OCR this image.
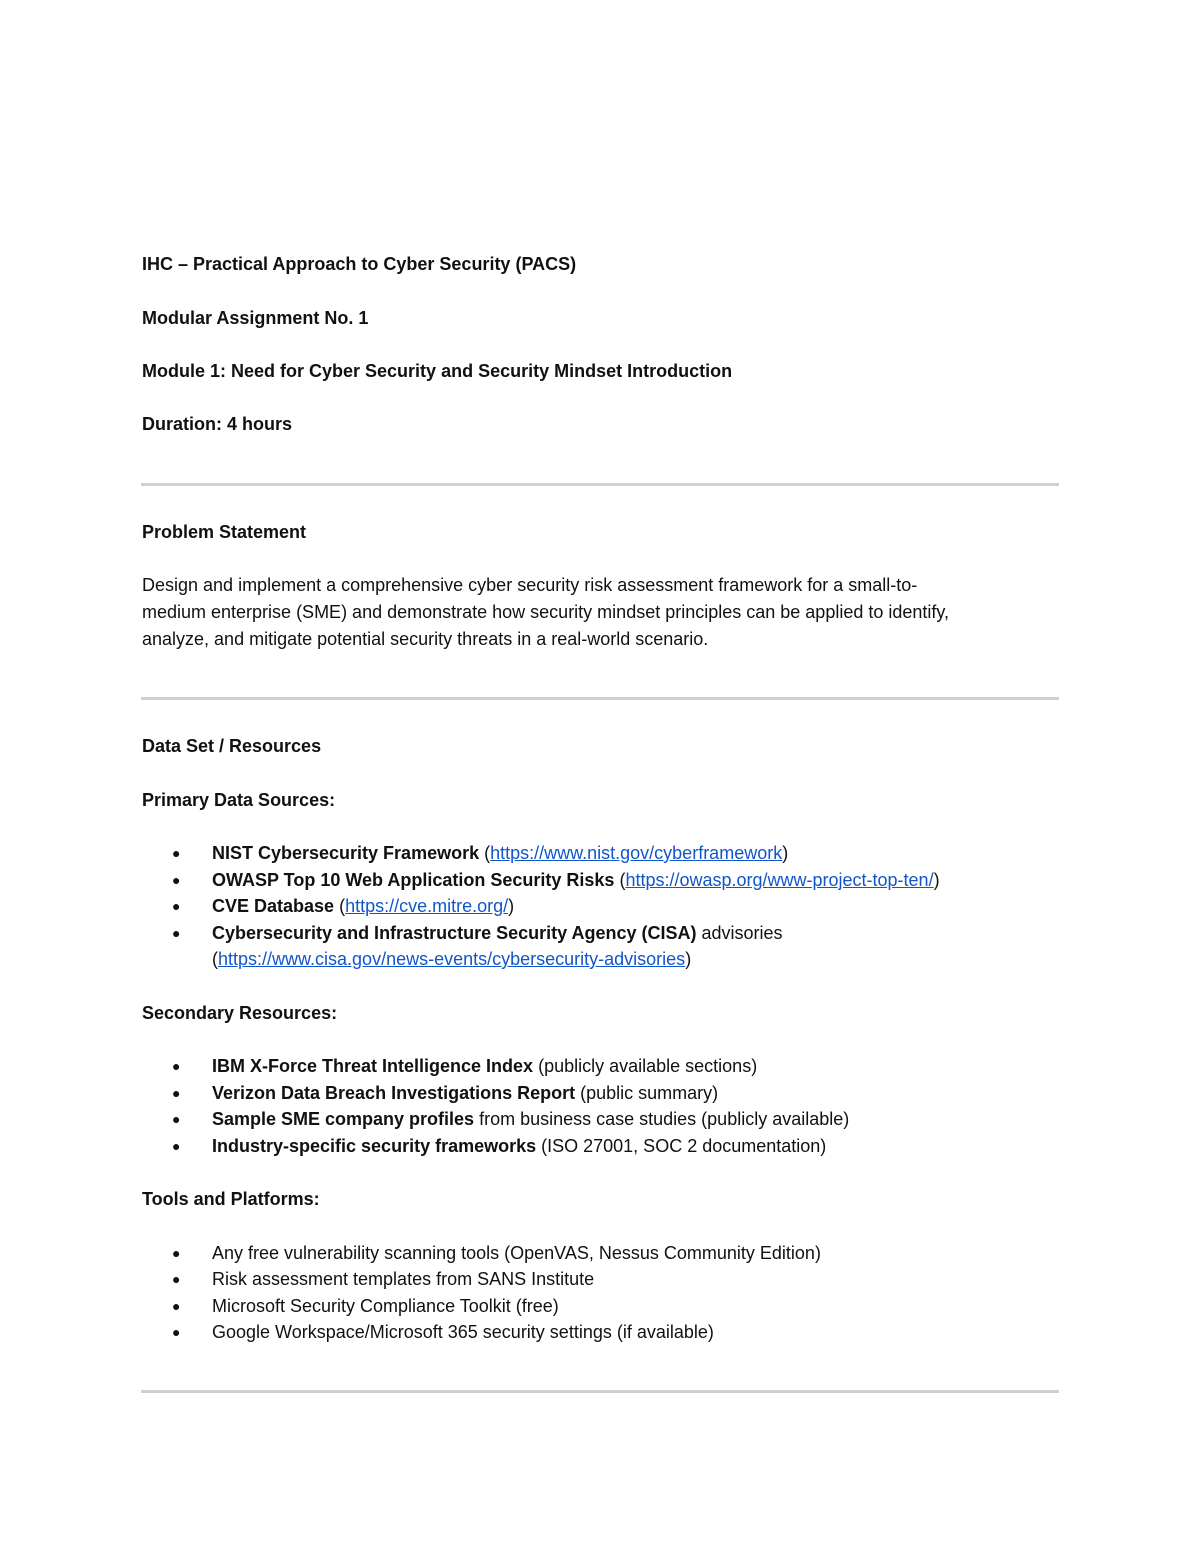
IHC – Practical Approach to Cyber Security (PACS)
Modular Assignment No. 1
Module 1: Need for Cyber Security and Security Mindset Introduction
Duration: 4 hours
Problem Statement
Design and implement a comprehensive cyber security risk assessment framework for a small-to-
medium enterprise (SME) and demonstrate how security mindset principles can be applied to identify,
analyze, and mitigate potential security threats in a real-world scenario.
Data Set / Resources
Primary Data Sources:
● NIST Cybersecurity Framework (https://www.nist.gov/cyberframework)
● OWASP Top 10 Web Application Security Risks (https://owasp.org/www-project-top-ten/)
● CVE Database (https://cve.mitre.org/)
● Cybersecurity and Infrastructure Security Agency (CISA) advisories
(https://www.cisa.gov/news-events/cybersecurity-advisories)
Secondary Resources:
● IBM X-Force Threat Intelligence Index (publicly available sections)
● Verizon Data Breach Investigations Report (public summary)
● Sample SME company profiles from business case studies (publicly available)
● Industry-specific security frameworks (ISO 27001, SOC 2 documentation)
Tools and Platforms:
● Any free vulnerability scanning tools (OpenVAS, Nessus Community Edition)
● Risk assessment templates from SANS Institute
● Microsoft Security Compliance Toolkit (free)
● Google Workspace/Microsoft 365 security settings (if available)
